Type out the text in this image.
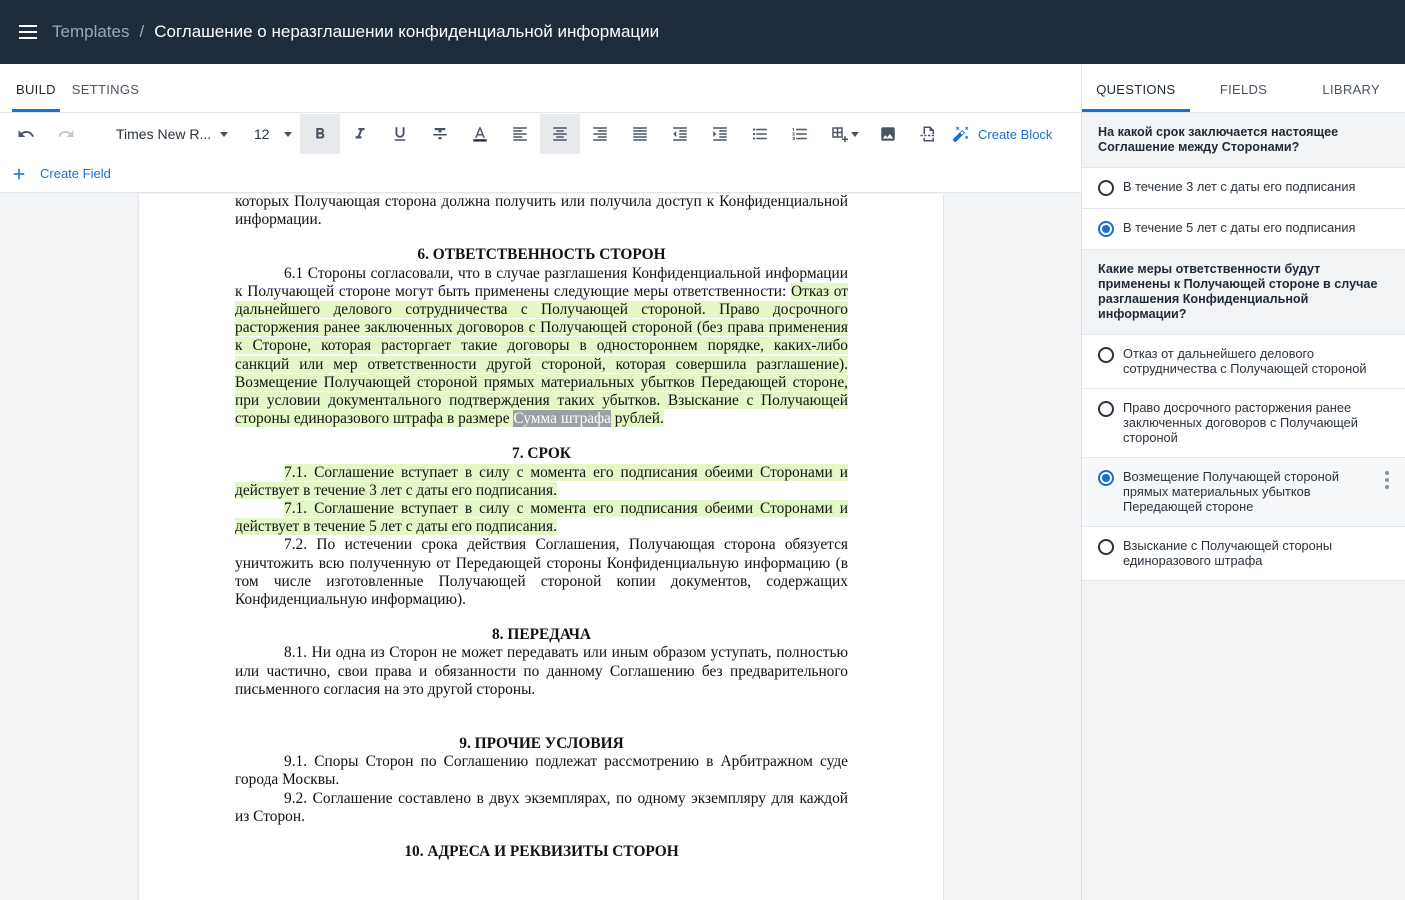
Templates / Соглашение о неразглашении конфиденциальной информации
BUILD	SETTINGS
Times New R...	12	Create Block
Create Field

которых Получающая сторона должна получить или получила доступ к Конфиденциальной информации.

6. ОТВЕТСТВЕННОСТЬ СТОРОН

6.1 Стороны согласовали, что в случае разглашения Конфиденциальной информации к Получающей стороне могут быть применены следующие меры ответственности: Отказ от дальнейшего делового сотрудничества с Получающей стороной. Право досрочного расторжения ранее заключенных договоров с Получающей стороной (без права применения к Стороне, которая расторгает такие договоры в одностороннем порядке, каких-либо санкций или мер ответственности другой стороной, которая совершила разглашение). Возмещение Получающей стороной прямых материальных убытков Передающей стороне, при условии документального подтверждения таких убытков. Взыскание с Получающей стороны единоразового штрафа в размере Сумма штрафа рублей.

7. СРОК

7.1. Соглашение вступает в силу с момента его подписания обеими Сторонами и действует в течение 3 лет с даты его подписания.

7.1. Соглашение вступает в силу с момента его подписания обеими Сторонами и действует в течение 5 лет с даты его подписания.

7.2. По истечении срока действия Соглашения, Получающая сторона обязуется уничтожить всю полученную от Передающей стороны Конфиденциальную информацию (в том числе изготовленные Получающей стороной копии документов, содержащих Конфиденциальную информацию).

8. ПЕРЕДАЧА

8.1. Ни одна из Сторон не может передавать или иным образом уступать, полностью или частично, свои права и обязанности по данному Соглашению без предварительного письменного согласия на это другой стороны.

9. ПРОЧИЕ УСЛОВИЯ

9.1. Споры Сторон по Соглашению подлежат рассмотрению в Арбитражном суде города Москвы.

9.2. Соглашение составлено в двух экземплярах, по одному экземпляру для каждой из Сторон.

10. АДРЕСА И РЕКВИЗИТЫ СТОРОН
QUESTIONS	FIELDS	LIBRARY
На какой срок заключается настоящее Соглашение между Сторонами?
В течение 3 лет с даты его подписания
В течение 5 лет с даты его подписания
Какие меры ответственности будут применены к Получающей стороне в случае разглашения Конфиденциальной информации?
Отказ от дальнейшего делового сотрудничества с Получающей стороной
Право досрочного расторжения ранее заключенных договоров с Получающей стороной
Возмещение Получающей стороной прямых материальных убытков Передающей стороне
Взыскание с Получающей стороны единоразового штрафа
